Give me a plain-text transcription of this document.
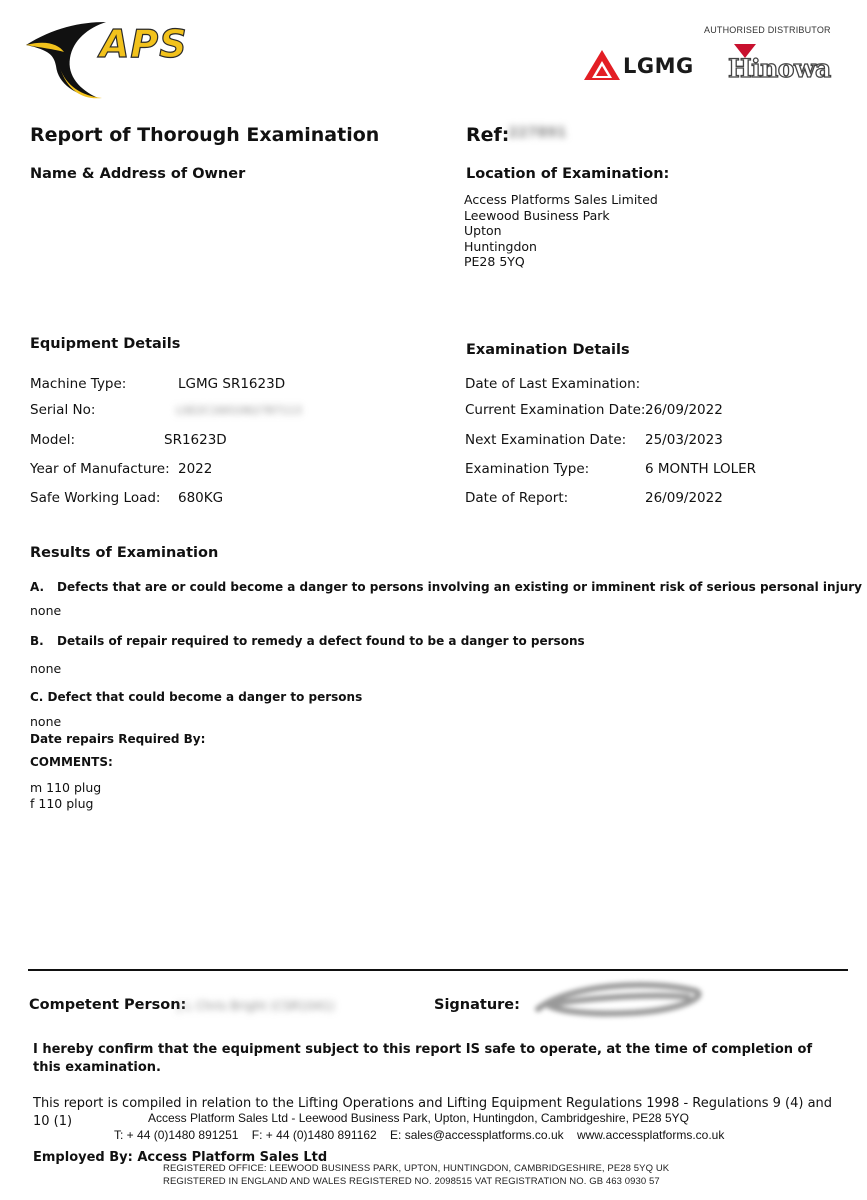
APS	AUTHORISED DISTRIBUTOR
LGMG Hinowa
Report of Thorough Examination	Ref:
227891
Name & Address of Owner	Location of Examination:
Access Platforms Sales Limited
Leewood Business Park
Upton
Huntingdon
PE28 5YQ
Equipment Details
Machine Type:	LGMG SR1623D
Serial No:	LSE2C1601062787113
Model:	SR1623D
Year of Manufacture: 2022
Safe Working Load: 680KG
Examination Details
Date of Last Examination:
Current Examination Date: 26/09/2022
Next Examination Date: 25/03/2023
Examination Type:	6 MONTH LOLER
Date of Report:	26/09/2022
Results of Examination
A. Defects that are or could become a danger to persons involving an existing or imminent risk of serious personal injury
none
B. Details of repair required to remedy a defect found to be a danger to persons
none
C. Defect that could become a danger to persons
none
Date repairs Required By:
COMMENTS:
m 110 plug
f 110 plug
Competent Person:
J L Chris Bright (CSR1041)	Signature:
I hereby confirm that the equipment subject to this report IS safe to operate, at the time of completion of this examination.
This report is compiled in relation to the Lifting Operations and Lifting Equipment Regulations 1998 - Regulations 9 (4) and 10 (1)
Employed By: Access Platform Sales Ltd
Access Platform Sales Ltd - Leewood Business Park, Upton, Huntingdon, Cambridgeshire, PE28 5YQ
T: + 44 (0)1480 891251 F: + 44 (0)1480 891162 E: sales@accessplatforms.co.uk www.accessplatforms.co.uk
REGISTERED OFFICE: LEEWOOD BUSINESS PARK, UPTON, HUNTINGDON, CAMBRIDGESHIRE, PE28 5YQ UK
REGISTERED IN ENGLAND AND WALES REGISTERED NO. 2098515 VAT REGISTRATION NO. GB 463 0930 57
